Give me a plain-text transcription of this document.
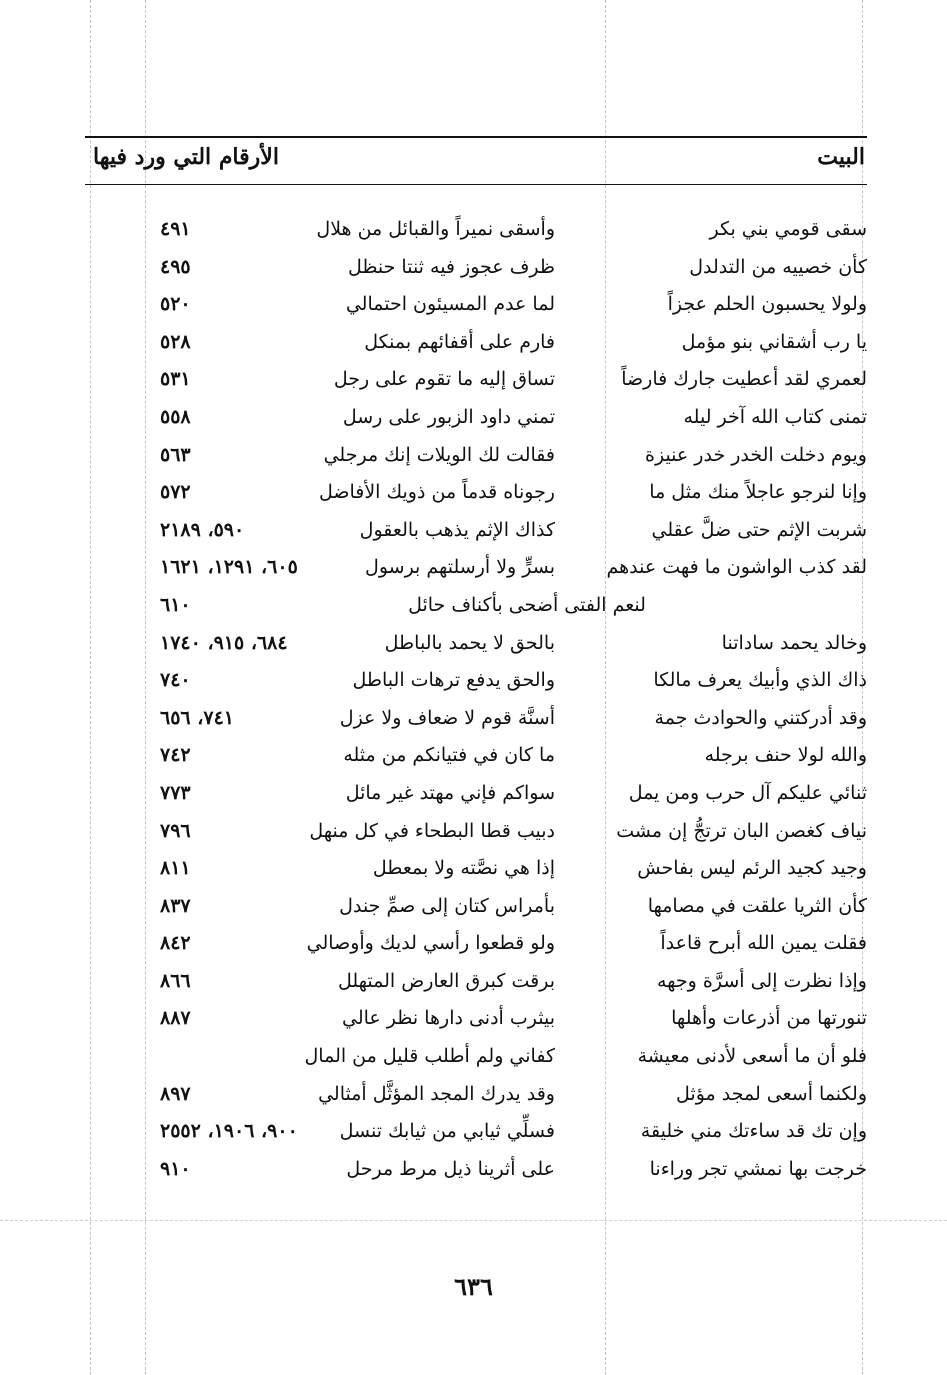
البيت
الأرقام التي ورد فيها
سقى قومي بني بكر
وأسقى نميراً والقبائل من هلال
٤٩١
كأن خصييه من التدلدل
ظرف عجوز فيه ثنتا حنظل
٤٩٥
ولولا يحسبون الحلم عجزاً
لما عدم المسيئون احتمالي
٥٢٠
يا رب أشقاني بنو مؤمل
فارم على أقفائهم بمنكل
٥٢٨
لعمري لقد أعطيت جارك فارضاً
تساق إليه ما تقوم على رجل
٥٣١
تمنى كتاب الله آخر ليله
تمني داود الزبور على رسل
٥٥٨
ويوم دخلت الخدر خدر عنيزة
فقالت لك الويلات إنك مرجلي
٥٦٣
وإنا لنرجو عاجلاً منك مثل ما
رجوناه قدماً من ذويك الأفاضل
٥٧٢
شربت الإثم حتى ضلَّ عقلي
كذاك الإثم يذهب بالعقول
٥٩٠، ٢١٨٩
لقد كذب الواشون ما فهت عندهم
بسرٍّ ولا أرسلتهم برسول
٦٠٥، ١٢٩١، ١٦٢١
لنعم الفتى أضحى بأكناف حائل
٦١٠
وخالد يحمد ساداتنا
بالحق لا يحمد بالباطل
٦٨٤، ٩١٥، ١٧٤٠
ذاك الذي وأبيك يعرف مالكا
والحق يدفع ترهات الباطل
٧٤٠
وقد أدركتني والحوادث جمة
أسنَّة قوم لا ضعاف ولا عزل
٧٤١، ٦٥٦
والله لولا حنف برجله
ما كان في فتيانكم من مثله
٧٤٢
ثنائي عليكم آل حرب ومن يمل
سواكم فإني مهتد غير مائل
٧٧٣
نياف كغصن البان ترتجُّ إن مشت
دبيب قطا البطحاء في كل منهل
٧٩٦
وجيد كجيد الرئم ليس بفاحش
إذا هي نصَّته ولا بمعطل
٨١١
كأن الثريا علقت في مصامها
بأمراس كتان إلى صمِّ جندل
٨٣٧
فقلت يمين الله أبرح قاعداً
ولو قطعوا رأسي لديك وأوصالي
٨٤٢
وإذا نظرت إلى أسرَّة وجهه
برقت كبرق العارض المتهلل
٨٦٦
تنورتها من أذرعات وأهلها
بيثرب أدنى دارها نظر عالي
٨٨٧
فلو أن ما أسعى لأدنى معيشة
كفاني ولم أطلب قليل من المال
ولكنما أسعى لمجد مؤثل
وقد يدرك المجد المؤثَّل أمثالي
٨٩٧
وإن تك قد ساءتك مني خليقة
فسلِّي ثيابي من ثيابك تنسل
٩٠٠، ١٩٠٦، ٢٥٥٢
خرجت بها نمشي تجر وراءنا
على أثرينا ذيل مرط مرحل
٩١٠
٦٣٦
